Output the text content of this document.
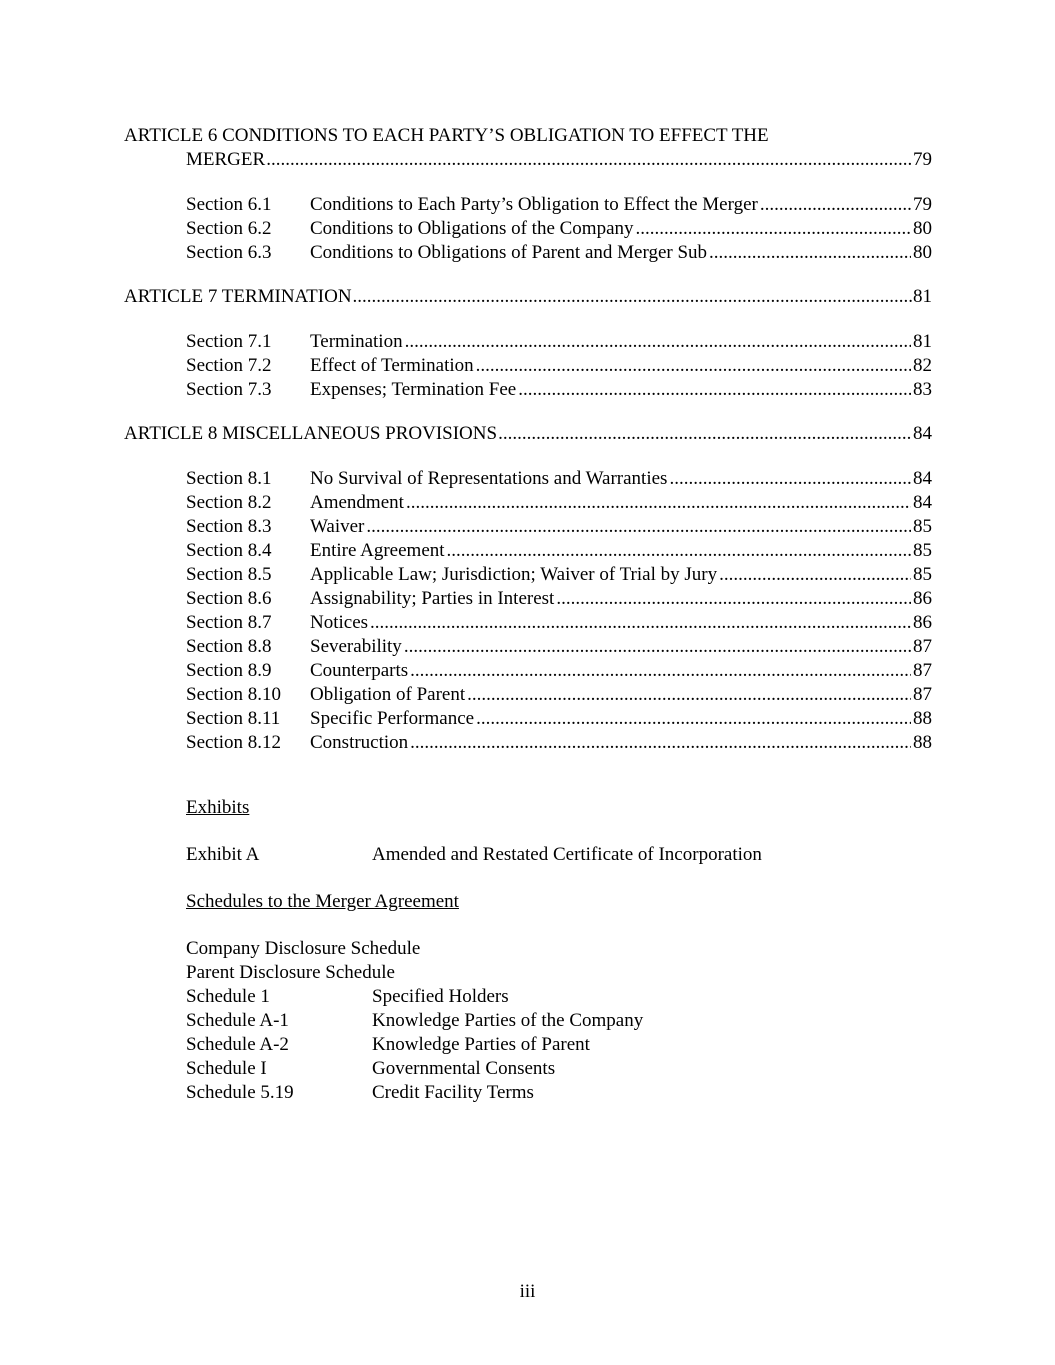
ARTICLE 6 CONDITIONS TO EACH PARTY’S OBLIGATION TO EFFECT THE
MERGER .....	79
Section 6.1	Conditions to Each Party’s Obligation to Effect the Merger .....	79
Section 6.2	Conditions to Obligations of the Company .....	80
Section 6.3	Conditions to Obligations of Parent and Merger Sub .....	80
ARTICLE 7 TERMINATION .....	81
Section 7.1	Termination .....	81
Section 7.2	Effect of Termination .....	82
Section 7.3	Expenses; Termination Fee .....	83
ARTICLE 8 MISCELLANEOUS PROVISIONS .....	84
Section 8.1	No Survival of Representations and Warranties .....	84
Section 8.2	Amendment .....	84
Section 8.3	Waiver .....	85
Section 8.4	Entire Agreement .....	85
Section 8.5	Applicable Law; Jurisdiction; Waiver of Trial by Jury .....	85
Section 8.6	Assignability; Parties in Interest .....	86
Section 8.7	Notices .....	86
Section 8.8	Severability .....	87
Section 8.9	Counterparts .....	87
Section 8.10	Obligation of Parent .....	87
Section 8.11	Specific Performance .....	88
Section 8.12	Construction .....	88
Exhibits
Exhibit A	Amended and Restated Certificate of Incorporation
Schedules to the Merger Agreement
Company Disclosure Schedule
Parent Disclosure Schedule
Schedule 1	Specified Holders
Schedule A-1	Knowledge Parties of the Company
Schedule A-2	Knowledge Parties of Parent
Schedule I	Governmental Consents
Schedule 5.19	Credit Facility Terms
iii
